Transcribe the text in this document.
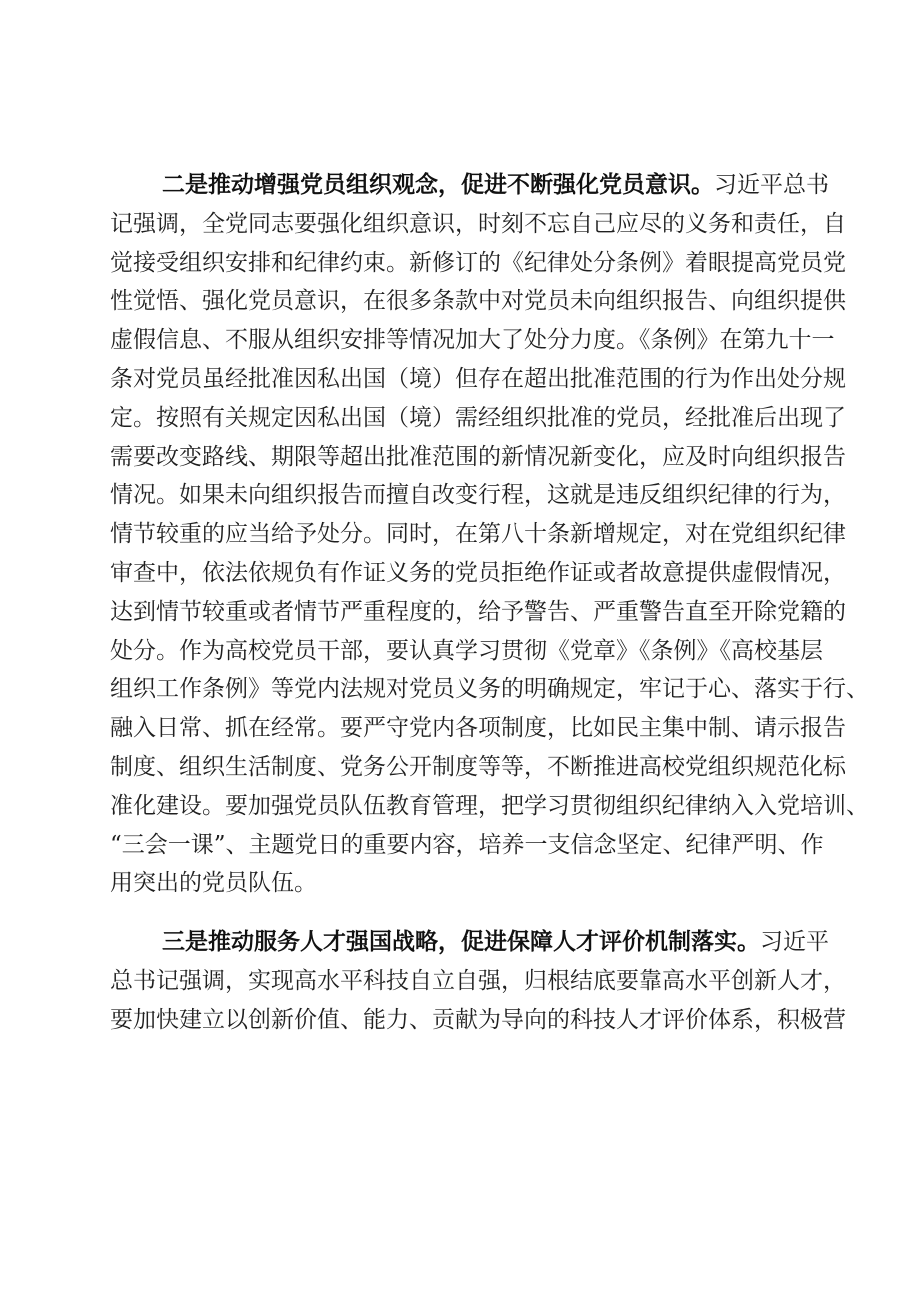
二是推动增强党员组织观念，促进不断强化党员意识。习近平总书
记强调，全党同志要强化组织意识，时刻不忘自己应尽的义务和责任，自
觉接受组织安排和纪律约束。新修订的《纪律处分条例》着眼提高党员党
性觉悟、强化党员意识，在很多条款中对党员未向组织报告、向组织提供
虚假信息、不服从组织安排等情况加大了处分力度。《条例》在第九十一
条对党员虽经批准因私出国（境）但存在超出批准范围的行为作出处分规
定。按照有关规定因私出国（境）需经组织批准的党员，经批准后出现了
需要改变路线、期限等超出批准范围的新情况新变化，应及时向组织报告
情况。如果未向组织报告而擅自改变行程，这就是违反组织纪律的行为，
情节较重的应当给予处分。同时，在第八十条新增规定，对在党组织纪律
审查中，依法依规负有作证义务的党员拒绝作证或者故意提供虚假情况，
达到情节较重或者情节严重程度的，给予警告、严重警告直至开除党籍的
处分。作为高校党员干部，要认真学习贯彻《党章》《条例》《高校基层
组织工作条例》等党内法规对党员义务的明确规定，牢记于心、落实于行、
融入日常、抓在经常。要严守党内各项制度，比如民主集中制、请示报告
制度、组织生活制度、党务公开制度等等，不断推进高校党组织规范化标
准化建设。要加强党员队伍教育管理，把学习贯彻组织纪律纳入入党培训、
“三会一课”、主题党日的重要内容，培养一支信念坚定、纪律严明、作
用突出的党员队伍。
三是推动服务人才强国战略，促进保障人才评价机制落实。习近平
总书记强调，实现高水平科技自立自强，归根结底要靠高水平创新人才，
要加快建立以创新价值、能力、贡献为导向的科技人才评价体系，积极营
